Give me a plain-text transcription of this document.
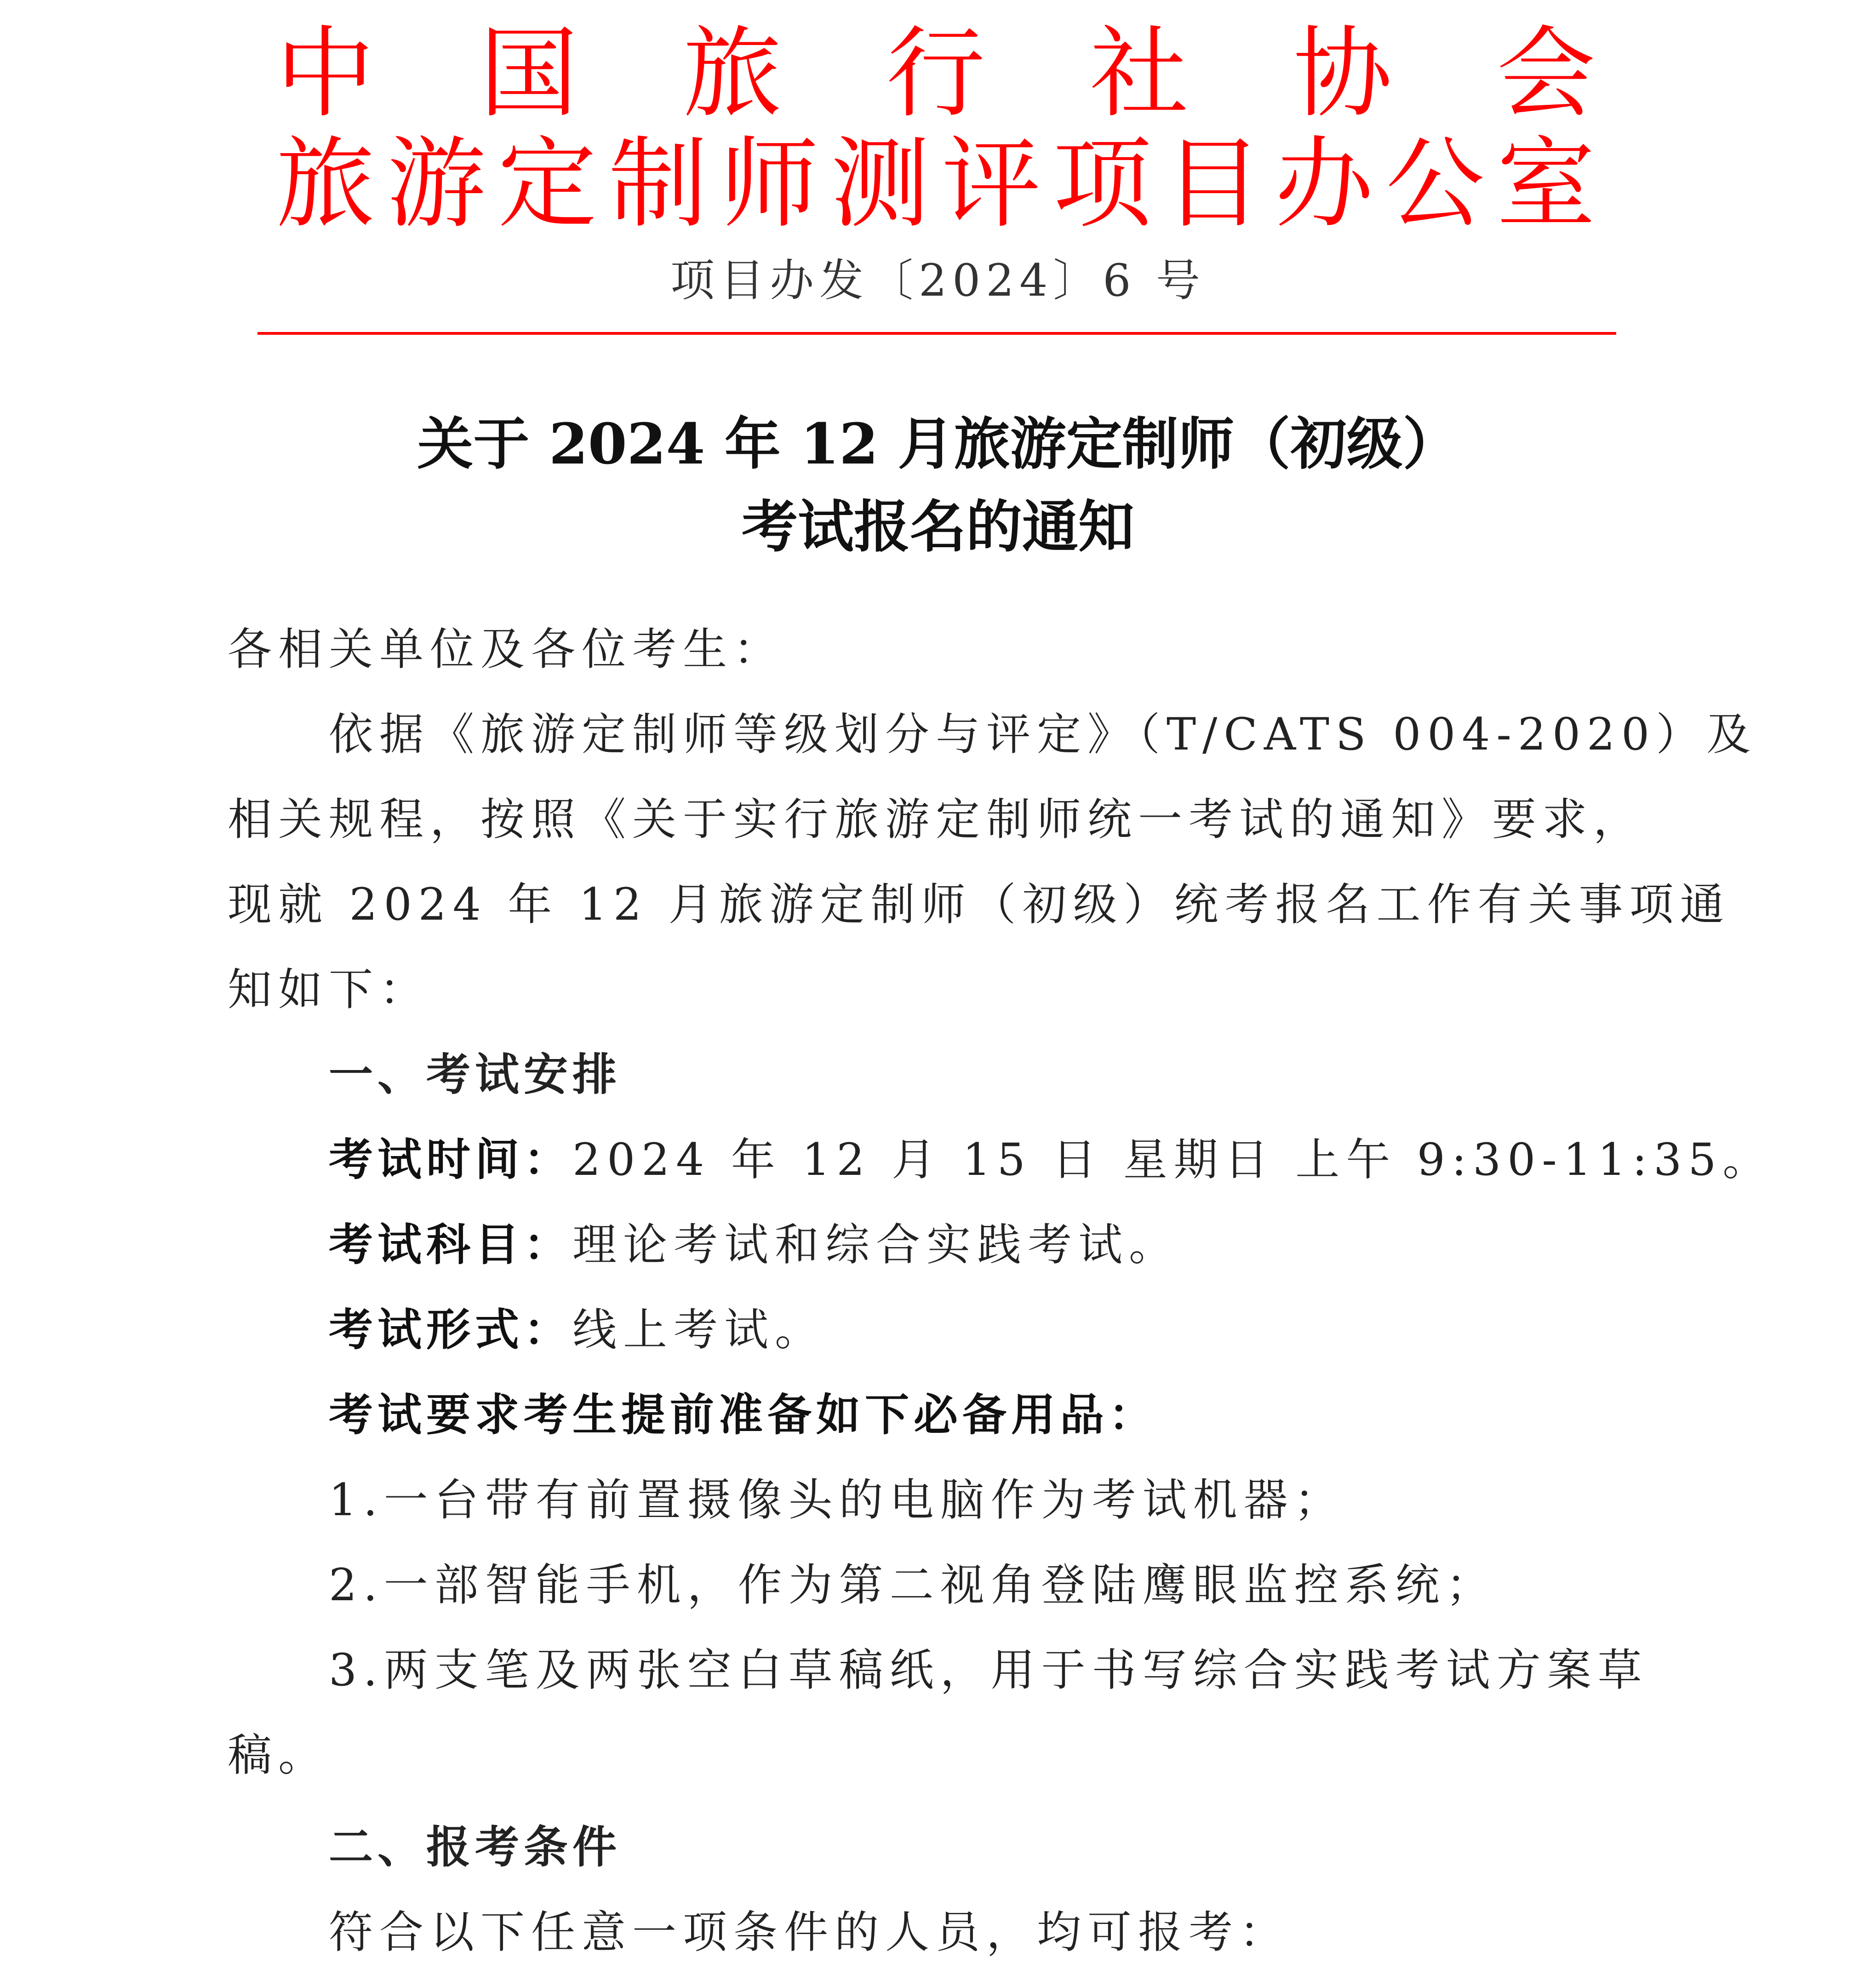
中 国 旅 行 社 协 会
旅 游 定 制 师 测 评 项 目 办 公 室
项目办发〔2024〕6 号
关于 2024 年 12 月旅游定制师（初级）
考试报名的通知
各相关单位及各位考生：
依据《旅游定制师等级划分与评定》（T/CATS 004-2020）及
相关规程，按照《关于实行旅游定制师统一考试的通知》要求，
现就 2024 年 12 月旅游定制师（初级）统考报名工作有关事项通
知如下：
一、考试安排
考试时间：2024 年 12 月 15 日 星期日 上午 9:30-11:35。
考试科目：理论考试和综合实践考试。
考试形式：线上考试。
考试要求考生提前准备如下必备用品：
1.一台带有前置摄像头的电脑作为考试机器；
2.一部智能手机，作为第二视角登陆鹰眼监控系统；
3.两支笔及两张空白草稿纸，用于书写综合实践考试方案草
稿。
二、报考条件
符合以下任意一项条件的人员，均可报考：
